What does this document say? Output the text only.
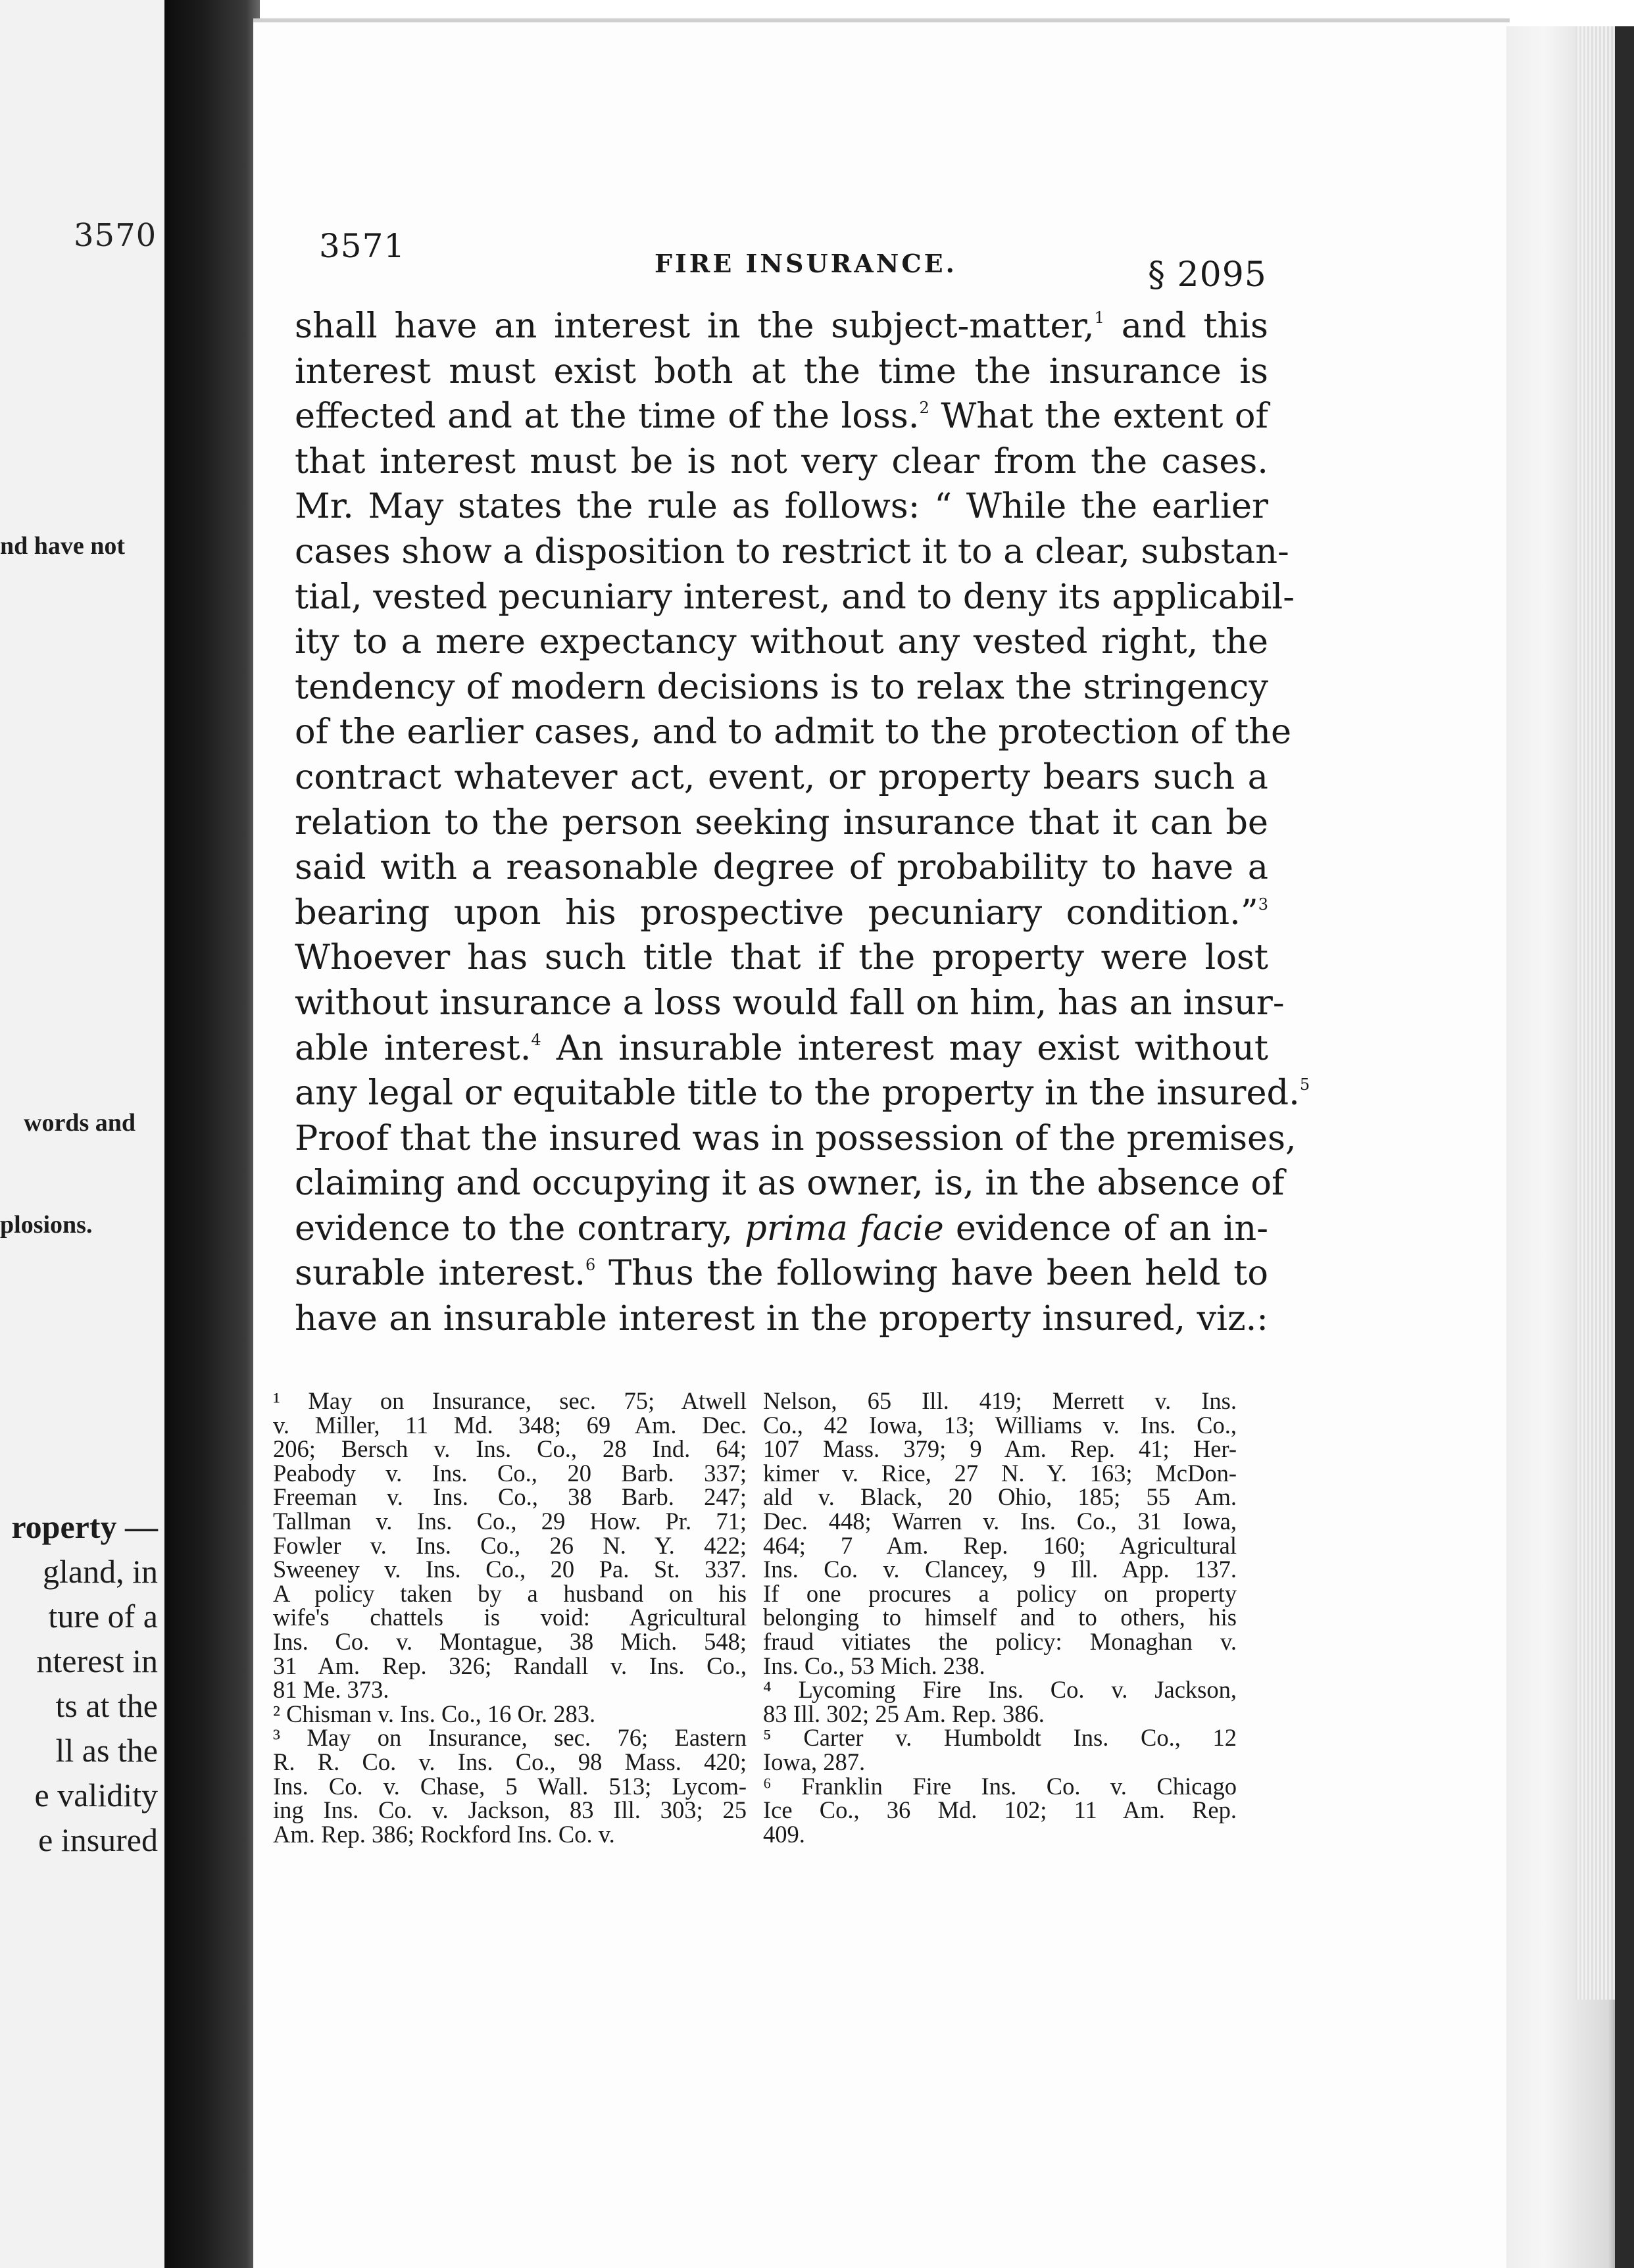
3570
nd have not
words and
plosions.
roperty —
gland, in
ture of a
nterest in
ts at the
ll as the
e validity
e insured
3571	FIRE INSURANCE.	§ 2095
shall have an interest in the subject-matter,$^1$ and this
interest must exist both at the time the insurance is
effected and at the time of the loss.$^2$ What the extent of
that interest must be is not very clear from the cases.
Mr. May states the rule as follows: “ While the earlier
cases show a disposition to restrict it to a clear, substan-
tial, vested pecuniary interest, and to deny its applicabil-
ity to a mere expectancy without any vested right, the
tendency of modern decisions is to relax the stringency
of the earlier cases, and to admit to the protection of the
contract whatever act, event, or property bears such a
relation to the person seeking insurance that it can be
said with a reasonable degree of probability to have a
bearing upon his prospective pecuniary condition.”$^3$
Whoever has such title that if the property were lost
without insurance a loss would fall on him, has an insur-
able interest.$^4$ An insurable interest may exist without
any legal or equitable title to the property in the insured.$^5$
Proof that the insured was in possession of the premises,
claiming and occupying it as owner, is, in the absence of
evidence to the contrary, prima facie evidence of an in-
surable interest.$^6$ Thus the following have been held to
have an insurable interest in the property insured, viz.:
¹ May on Insurance, sec. 75; Atwell
v. Miller, 11 Md. 348; 69 Am. Dec.
206; Bersch v. Ins. Co., 28 Ind. 64;
Peabody v. Ins. Co., 20 Barb. 337;
Freeman v. Ins. Co., 38 Barb. 247;
Tallman v. Ins. Co., 29 How. Pr. 71;
Fowler v. Ins. Co., 26 N. Y. 422;
Sweeney v. Ins. Co., 20 Pa. St. 337.
A policy taken by a husband on his
wife's chattels is void: Agricultural
Ins. Co. v. Montague, 38 Mich. 548;
31 Am. Rep. 326; Randall v. Ins. Co.,
81 Me. 373.
² Chisman v. Ins. Co., 16 Or. 283.
³ May on Insurance, sec. 76; Eastern
R. R. Co. v. Ins. Co., 98 Mass. 420;
Ins. Co. v. Chase, 5 Wall. 513; Lycom-
ing Ins. Co. v. Jackson, 83 Ill. 303; 25
Am. Rep. 386; Rockford Ins. Co. v.
Nelson, 65 Ill. 419; Merrett v. Ins.
Co., 42 Iowa, 13; Williams v. Ins. Co.,
107 Mass. 379; 9 Am. Rep. 41; Her-
kimer v. Rice, 27 N. Y. 163; McDon-
ald v. Black, 20 Ohio, 185; 55 Am.
Dec. 448; Warren v. Ins. Co., 31 Iowa,
464; 7 Am. Rep. 160; Agricultural
Ins. Co. v. Clancey, 9 Ill. App. 137.
If one procures a policy on property
belonging to himself and to others, his
fraud vitiates the policy: Monaghan v.
Ins. Co., 53 Mich. 238.
⁴ Lycoming Fire Ins. Co. v. Jackson,
83 Ill. 302; 25 Am. Rep. 386.
⁵ Carter v. Humboldt Ins. Co., 12
Iowa, 287.
⁶ Franklin Fire Ins. Co. v. Chicago
Ice Co., 36 Md. 102; 11 Am. Rep.
409.
